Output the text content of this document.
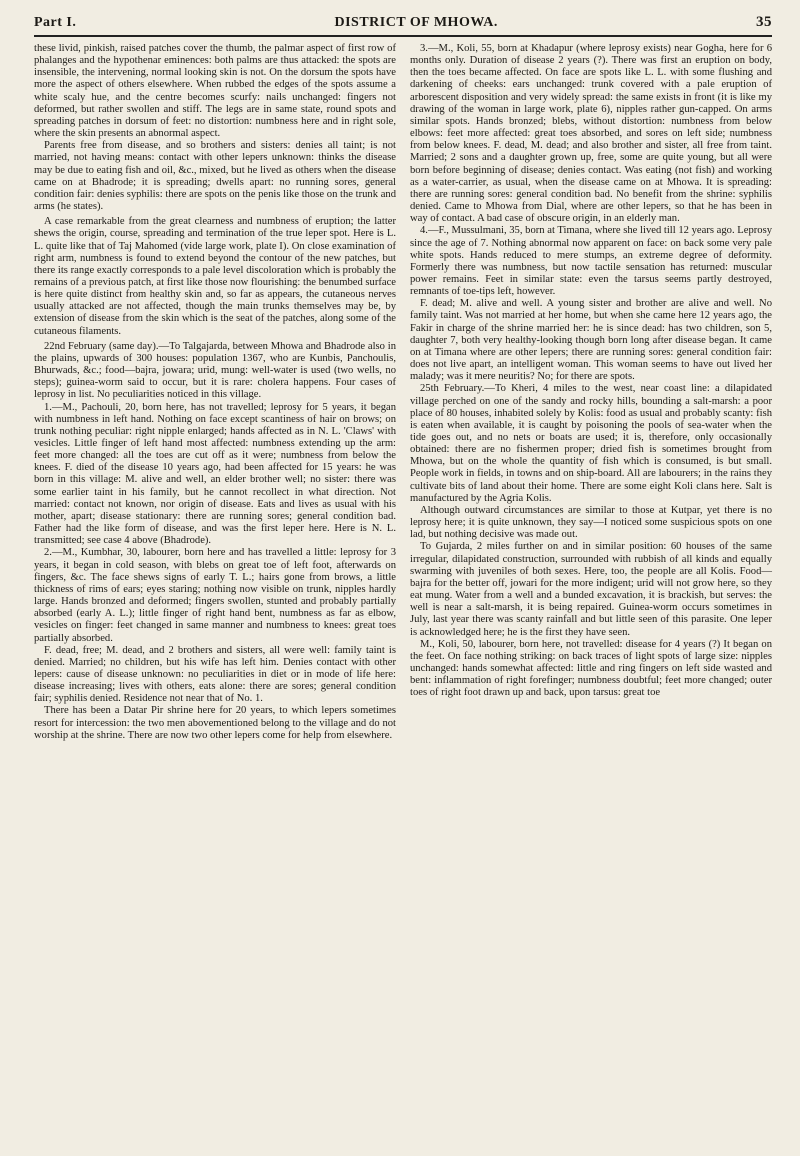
Part I.	DISTRICT OF MHOWA.	35

these livid, pinkish, raised patches cover the thumb, the palmar aspect of first row of phalanges and the hypothenar eminences: both palms are thus attacked: the spots are insensible, the intervening, normal looking skin is not. On the dorsum the spots have more the aspect of others elsewhere. When rubbed the edges of the spots assume a white scaly hue, and the centre becomes scurfy: nails unchanged: fingers not deformed, but rather swollen and stiff. The legs are in same state, round spots and spreading patches in dorsum of feet: no distortion: numbness here and in right sole, where the skin presents an abnormal aspect.

Parents free from disease, and so brothers and sisters: denies all taint; is not married, not having means: contact with other lepers unknown: thinks the disease may be due to eating fish and oil, &c., mixed, but he lived as others when the disease came on at Bhadrode; it is spreading; dwells apart: no running sores, general condition fair: denies syphilis: there are spots on the penis like those on the trunk and arms (he states).

A case remarkable from the great clearness and numbness of eruption; the latter shews the origin, course, spreading and termination of the true leper spot. Here is L. L. quite like that of Taj Mahomed (vide large work, plate I). On close examination of right arm, numbness is found to extend beyond the contour of the new patches, but there its range exactly corresponds to a pale level discoloration which is probably the remains of a previous patch, at first like those now flourishing: the benumbed surface is here quite distinct from healthy skin and, so far as appears, the cutaneous nerves usually attacked are not affected, though the main trunks themselves may be, by extension of disease from the skin which is the seat of the patches, along some of the cutaneous filaments.

22nd February (same day).—To Talgajarda, between Mhowa and Bhadrode also in the plains, upwards of 300 houses: population 1367, who are Kunbis, Panchoulis, Bhurwads, &c.; food—bajra, jowara; urid, mung: well-water is used (two wells, no steps); guinea-worm said to occur, but it is rare: cholera happens. Four cases of leprosy in list. No peculiarities noticed in this village.

1.—M., Pachouli, 20, born here, has not travelled; leprosy for 5 years, it began with numbness in left hand. Nothing on face except scantiness of hair on brows; on trunk nothing peculiar: right nipple enlarged; hands affected as in N. L. 'Claws' with vesicles. Little finger of left hand most affected: numbness extending up the arm: feet more changed: all the toes are cut off as it were; numbness from below the knees. F. died of the disease 10 years ago, had been affected for 15 years: he was born in this village: M. alive and well, an elder brother well; no sister: there was some earlier taint in his family, but he cannot recollect in what direction. Not married: contact not known, nor origin of disease. Eats and lives as usual with his mother, apart; disease stationary: there are running sores; general condition bad. Father had the like form of disease, and was the first leper here. Here is N. L. transmitted; see case 4 above (Bhadrode).

2.—M., Kumbhar, 30, labourer, born here and has travelled a little: leprosy for 3 years, it began in cold season, with blebs on great toe of left foot, afterwards on fingers, &c. The face shews signs of early T. L.; hairs gone from brows, a little thickness of rims of ears; eyes staring; nothing now visible on trunk, nipples hardly large. Hands bronzed and deformed; fingers swollen, stunted and probably partially absorbed (early A. L.); little finger of right hand bent, numbness as far as elbow, vesicles on finger: feet changed in same manner and numbness to knees: great toes partially absorbed.

F. dead, free; M. dead, and 2 brothers and sisters, all were well: family taint is denied. Married; no children, but his wife has left him. Denies contact with other lepers: cause of disease unknown: no peculiarities in diet or in mode of life here: disease increasing; lives with others, eats alone: there are sores; general condition fair; syphilis denied. Residence not near that of No. 1.

There has been a Datar Pir shrine here for 20 years, to which lepers sometimes resort for intercession: the two men abovementioned belong to the village and do not worship at the shrine. There are now two other lepers come for help from elsewhere.

3.—M., Koli, 55, born at Khadapur (where leprosy exists) near Gogha, here for 6 months only. Duration of disease 2 years (?). There was first an eruption on body, then the toes became affected. On face are spots like L. L. with some flushing and darkening of cheeks: ears unchanged: trunk covered with a pale eruption of arborescent disposition and very widely spread: the same exists in front (it is like my drawing of the woman in large work, plate 6), nipples rather gun-capped. On arms similar spots. Hands bronzed; blebs, without distortion: numbness from below elbows: feet more affected: great toes absorbed, and sores on left side; numbness from below knees. F. dead, M. dead; and also brother and sister, all free from taint. Married; 2 sons and a daughter grown up, free, some are quite young, but all were born before beginning of disease; denies contact. Was eating (not fish) and working as a water-carrier, as usual, when the disease came on at Mhowa. It is spreading: there are running sores: general condition bad. No benefit from the shrine: syphilis denied. Came to Mhowa from Dial, where are other lepers, so that he has been in way of contact. A bad case of obscure origin, in an elderly man.

4.—F., Mussulmani, 35, born at Timana, where she lived till 12 years ago. Leprosy since the age of 7. Nothing abnormal now apparent on face: on back some very pale white spots. Hands reduced to mere stumps, an extreme degree of deformity. Formerly there was numbness, but now tactile sensation has returned: muscular power remains. Feet in similar state: even the tarsus seems partly destroyed, remnants of toe-tips left, however.

F. dead; M. alive and well. A young sister and brother are alive and well. No family taint. Was not married at her home, but when she came here 12 years ago, the Fakir in charge of the shrine married her: he is since dead: has two children, son 5, daughter 7, both very healthy-looking though born long after disease began. It came on at Timana where are other lepers; there are running sores: general condition fair: does not live apart, an intelligent woman. This woman seems to have out lived her malady; was it mere neuritis? No; for there are spots.

25th February.—To Kheri, 4 miles to the west, near coast line: a dilapidated village perched on one of the sandy and rocky hills, bounding a salt-marsh: a poor place of 80 houses, inhabited solely by Kolis: food as usual and probably scanty: fish is eaten when available, it is caught by poisoning the pools of sea-water when the tide goes out, and no nets or boats are used; it is, therefore, only occasionally obtained: there are no fishermen proper; dried fish is sometimes brought from Mhowa, but on the whole the quantity of fish which is consumed, is but small. People work in fields, in towns and on ship-board. All are labourers; in the rains they cultivate bits of land about their home. There are some eight Koli clans here. Salt is manufactured by the Agria Kolis.

Although outward circumstances are similar to those at Kutpar, yet there is no leprosy here; it is quite unknown, they say—I noticed some suspicious spots on one lad, but nothing decisive was made out.

To Gujarda, 2 miles further on and in similar position: 60 houses of the same irregular, dilapidated construction, surrounded with rubbish of all kinds and equally swarming with juveniles of both sexes. Here, too, the people are all Kolis. Food—bajra for the better off, jowari for the more indigent; urid will not grow here, so they eat mung. Water from a well and a bunded excavation, it is brackish, but serves: the well is near a salt-marsh, it is being repaired. Guinea-worm occurs sometimes in July, last year there was scanty rainfall and but little seen of this parasite. One leper is acknowledged here; he is the first they have seen.

M., Koli, 50, labourer, born here, not travelled: disease for 4 years (?) It began on the feet. On face nothing striking: on back traces of light spots of large size: nipples unchanged: hands somewhat affected: little and ring fingers on left side wasted and bent: inflammation of right forefinger; numbness doubtful; feet more changed; outer toes of right foot drawn up and back, upon tarsus: great toe
